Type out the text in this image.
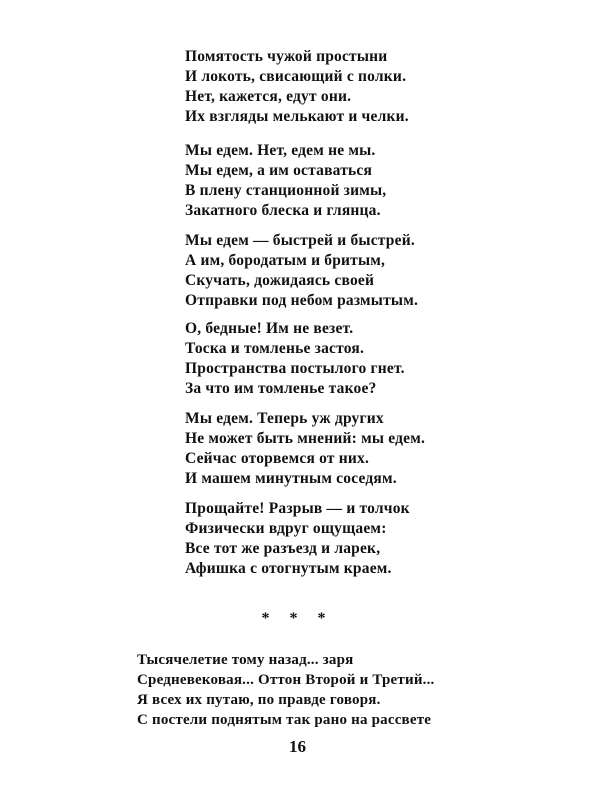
Помятость чужой простыни
И локоть, свисающий с полки.
Нет, кажется, едут они.
Их взгляды мелькают и челки.
Мы едем. Нет, едем не мы.
Мы едем, а им оставаться
В плену станционной зимы,
Закатного блеска и глянца.
Мы едем — быстрей и быстрей.
А им, бородатым и бритым,
Скучать, дожидаясь своей
Отправки под небом размытым.
О, бедные! Им не везет.
Тоска и томленье застоя.
Пространства постылого гнет.
За что им томленье такое?
Мы едем. Теперь уж других
Не может быть мнений: мы едем.
Сейчас оторвемся от них.
И машем минутным соседям.
Прощайте! Разрыв — и толчок
Физически вдруг ощущаем:
Все тот же разъезд и ларек,
Афишка с отогнутым краем.
* * *
Тысячелетие тому назад... заря
Средневековая... Оттон Второй и Третий...
Я всех их путаю, по правде говоря.
С постели поднятым так рано на рассвете
16
